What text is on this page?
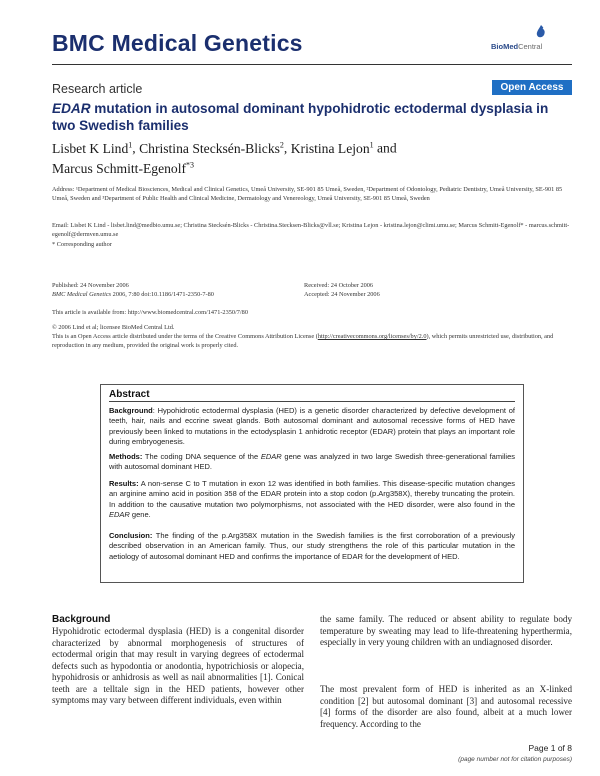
BMC Medical Genetics	BioMedCentral
Research article	Open Access
EDAR mutation in autosomal dominant hypohidrotic ectodermal dysplasia in two Swedish families
Lisbet K Lind$^1$, Christina Stecksén-Blicks$^2$, Kristina Lejon$^1$ and
Marcus Schmitt-Egenolf$^{*3}$
Address: ¹Department of Medical Biosciences, Medical and Clinical Genetics, Umeå University, SE-901 85 Umeå, Sweden, ²Department of Odontology, Pediatric Dentistry, Umeå University, SE-901 85 Umeå, Sweden and ³Department of Public Health and Clinical Medicine, Dermatology and Venereology, Umeå University, SE-901 85 Umeå, Sweden
Email: Lisbet K Lind - lisbet.lind@medbio.umu.se; Christina Stecksén-Blicks - Christina.Stecksen-Blicks@vll.se; Kristina Lejon - kristina.lejon@climi.umu.se; Marcus Schmitt-Egenolf* - marcus.schmitt-egenolf@dermven.umu.se
* Corresponding author
Published: 24 November 2006
BMC Medical Genetics 2006, 7:80 doi:10.1186/1471-2350-7-80
Received: 24 October 2006
Accepted: 24 November 2006
This article is available from: http://www.biomedcentral.com/1471-2350/7/80
© 2006 Lind et al; licensee BioMed Central Ltd.
This is an Open Access article distributed under the terms of the Creative Commons Attribution License (http://creativecommons.org/licenses/by/2.0), which permits unrestricted use, distribution, and reproduction in any medium, provided the original work is properly cited.
Abstract
Background: Hypohidrotic ectodermal dysplasia (HED) is a genetic disorder characterized by defective development of teeth, hair, nails and eccrine sweat glands. Both autosomal dominant and autosomal recessive forms of HED have previously been linked to mutations in the ectodysplasin 1 anhidrotic receptor (EDAR) protein that plays an important role during embryogenesis.
Methods: The coding DNA sequence of the EDAR gene was analyzed in two large Swedish three-generational families with autosomal dominant HED.
Results: A non-sense C to T mutation in exon 12 was identified in both families. This disease-specific mutation changes an arginine amino acid in position 358 of the EDAR protein into a stop codon (p.Arg358X), thereby truncating the protein. In addition to the causative mutation two polymorphisms, not associated with the HED disorder, were also found in the EDAR gene.
Conclusion: The finding of the p.Arg358X mutation in the Swedish families is the first corroboration of a previously described observation in an American family. Thus, our study strengthens the role of this particular mutation in the aetiology of autosomal dominant HED and confirms the importance of EDAR for the development of HED.
Background
Hypohidrotic ectodermal dysplasia (HED) is a congenital disorder characterized by abnormal morphogenesis of structures of ectodermal origin that may result in varying degrees of ectodermal defects such as hypodontia or anodontia, hypotrichiosis or alopecia, hypohidrosis or anhidrosis as well as nail abnormalities [1]. Conical teeth are a telltale sign in the HED patients, however other symptoms may vary between different individuals, even within
the same family. The reduced or absent ability to regulate body temperature by sweating may lead to life-threatening hyperthermia, especially in very young children with an undiagnosed disorder.
The most prevalent form of HED is inherited as an X-linked condition [2] but autosomal dominant [3] and autosomal recessive [4] forms of the disorder are also found, albeit at a much lower frequency. According to the
Page 1 of 8
(page number not for citation purposes)
